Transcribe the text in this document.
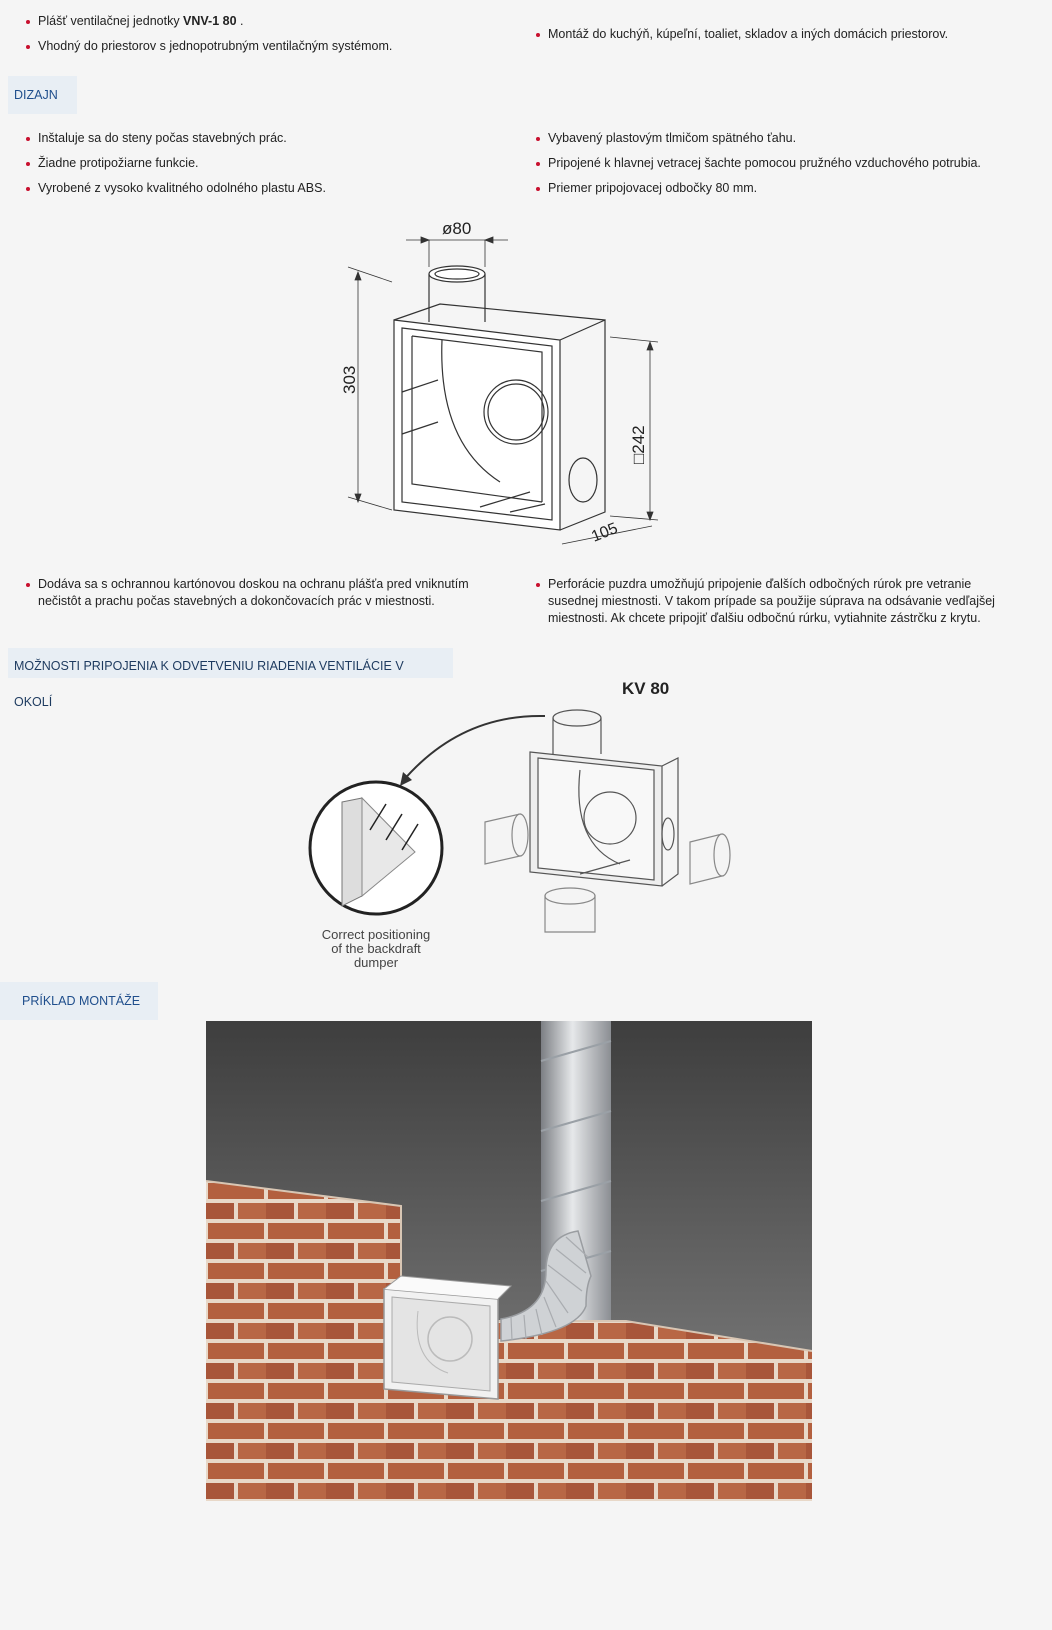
Plášť ventilačnej jednotky VNV-1 80 .
Vhodný do priestorov s jednopotrubným ventilačným systémom.
Montáž do kuchýň, kúpeľní, toaliet, skladov a iných domácich priestorov.
DIZAJN
Inštaluje sa do steny počas stavebných prác.
Žiadne protipožiarne funkcie.
Vyrobené z vysoko kvalitného odolného plastu ABS.
Vybavený plastovým tlmičom spätného ťahu.
Pripojené k hlavnej vetracej šachte pomocou pružného vzduchového potrubia.
Priemer pripojovacej odbočky 80 mm.
ø80
303
□242
105
Dodáva sa s ochrannou kartónovou doskou na ochranu plášťa pred vniknutím nečistôt a prachu počas stavebných a dokončovacích prác v miestnosti.
Perforácie puzdra umožňujú pripojenie ďalších odbočných rúrok pre vetranie susednej miestnosti. V takom prípade sa použije súprava na odsávanie vedľajšej miestnosti. Ak chcete pripojiť ďalšiu odbočnú rúrku, vytiahnite zástrčku z krytu.
MOŽNOSTI PRIPOJENIA K ODVETVENIU RIADENIA VENTILÁCIE V OKOLÍ
KV 80
Correct positioning
of the backdraft
dumper
PRÍKLAD MONTÁŽE
